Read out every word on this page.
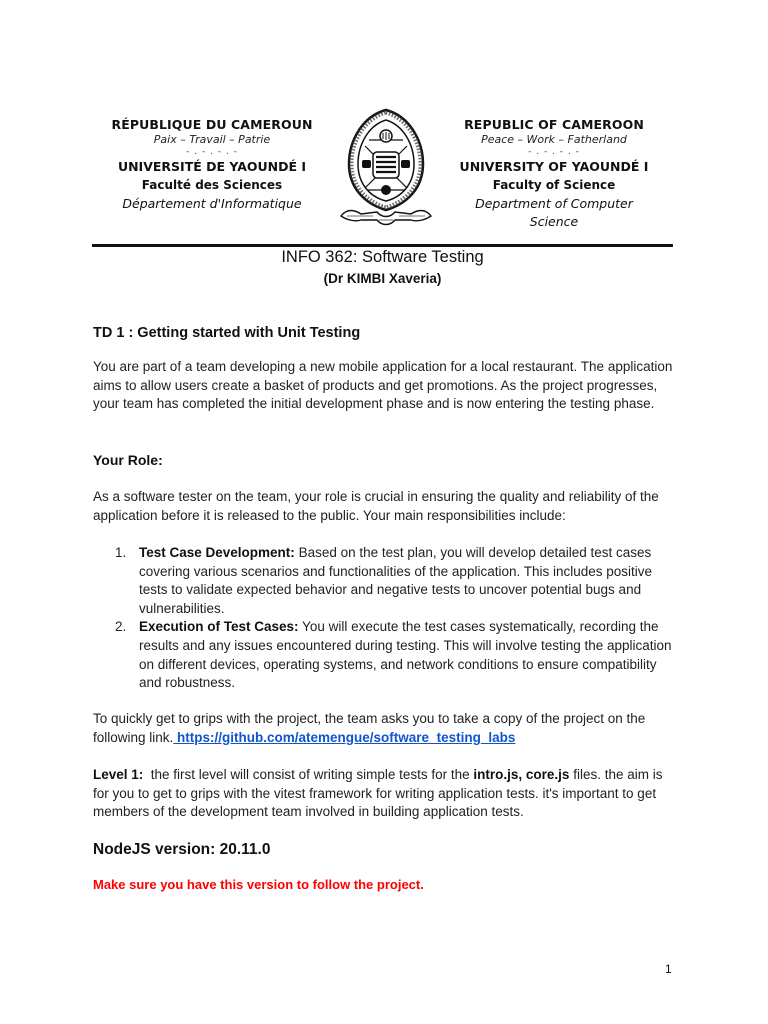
RÉPUBLIQUE DU CAMEROUN
Paix – Travail – Patrie
- . - . - . -
UNIVERSITÉ DE YAOUNDÉ I
Faculté des Sciences
Département d'Informatique
REPUBLIC OF CAMEROON
Peace – Work – Fatherland
- . - . - . -
UNIVERSITY OF YAOUNDÉ I
Faculty of Science
Department of Computer
Science
INFO 362: Software Testing
(Dr KIMBI Xaveria)
TD 1 : Getting started with Unit Testing
You are part of a team developing a new mobile application for a local restaurant. The application aims to allow users create a basket of products and get promotions. As the project progresses, your team has completed the initial development phase and is now entering the testing phase.
Your Role:
As a software tester on the team, your role is crucial in ensuring the quality and reliability of the application before it is released to the public. Your main responsibilities include:
1. Test Case Development: Based on the test plan, you will develop detailed test cases covering various scenarios and functionalities of the application. This includes positive tests to validate expected behavior and negative tests to uncover potential bugs and vulnerabilities.
2. Execution of Test Cases: You will execute the test cases systematically, recording the results and any issues encountered during testing. This will involve testing the application on different devices, operating systems, and network conditions to ensure compatibility and robustness.
To quickly get to grips with the project, the team asks you to take a copy of the project on the following link. https://github.com/atemengue/software_testing_labs
Level 1:  the first level will consist of writing simple tests for the intro.js, core.js files. the aim is for you to get to grips with the vitest framework for writing application tests. it's important to get members of the development team involved in building application tests.
NodeJS version: 20.11.0
Make sure you have this version to follow the project.
1
